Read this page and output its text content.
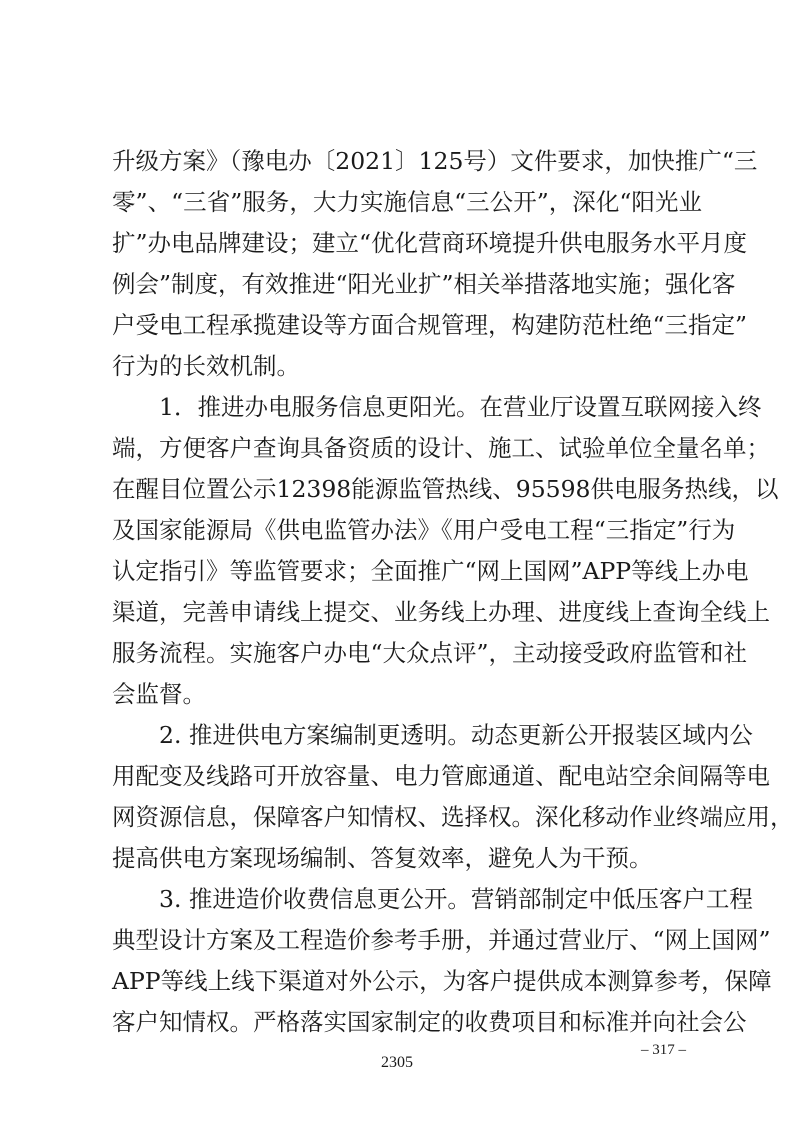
升级方案》（豫电办〔2021〕125号）文件要求，加快推广“三
零”、“三省”服务，大力实施信息“三公开”，深化“阳光业
扩”办电品牌建设；建立“优化营商环境提升供电服务水平月度
例会”制度，有效推进“阳光业扩”相关举措落地实施；强化客
户受电工程承揽建设等方面合规管理，构建防范杜绝“三指定”
行为的长效机制。
　　1．推进办电服务信息更阳光。在营业厅设置互联网接入终
端，方便客户查询具备资质的设计、施工、试验单位全量名单；
在醒目位置公示12398能源监管热线、95598供电服务热线，以
及国家能源局《供电监管办法》《用户受电工程“三指定”行为
认定指引》等监管要求；全面推广“网上国网”APP等线上办电
渠道，完善申请线上提交、业务线上办理、进度线上查询全线上
服务流程。实施客户办电“大众点评”，主动接受政府监管和社
会监督。
　　2. 推进供电方案编制更透明。动态更新公开报装区域内公
用配变及线路可开放容量、电力管廊通道、配电站空余间隔等电
网资源信息，保障客户知情权、选择权。深化移动作业终端应用，
提高供电方案现场编制、答复效率，避免人为干预。
　　3. 推进造价收费信息更公开。营销部制定中低压客户工程
典型设计方案及工程造价参考手册，并通过营业厅、“网上国网”
APP等线上线下渠道对外公示，为客户提供成本测算参考，保障
客户知情权。严格落实国家制定的收费项目和标准并向社会公
– 317 –
2305
